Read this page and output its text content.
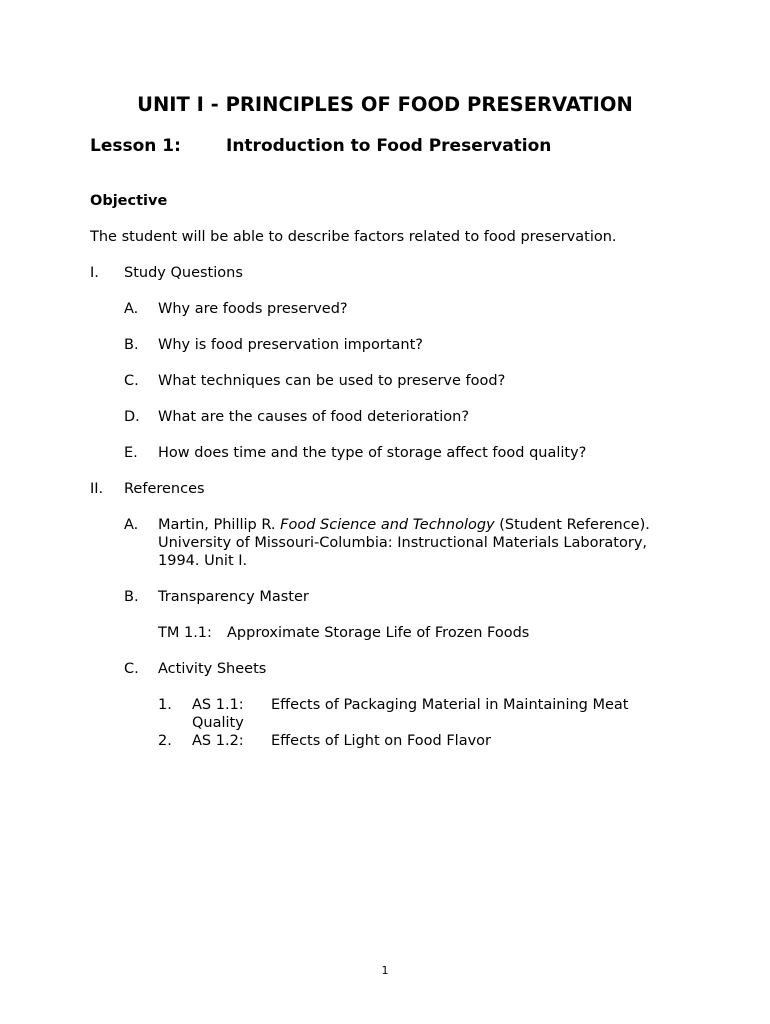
UNIT I - PRINCIPLES OF FOOD PRESERVATION
Lesson 1:	Introduction to Food Preservation
Objective
The student will be able to describe factors related to food preservation.
I. Study Questions
A. Why are foods preserved?
B. Why is food preservation important?
C. What techniques can be used to preserve food?
D. What are the causes of food deterioration?
E. How does time and the type of storage affect food quality?
II. References
A. Martin, Phillip R. Food Science and Technology (Student Reference).
University of Missouri-Columbia: Instructional Materials Laboratory,
1994. Unit I.
B. Transparency Master
TM 1.1: Approximate Storage Life of Frozen Foods
C. Activity Sheets
1. AS 1.1: Effects of Packaging Material in Maintaining Meat
Quality
2. AS 1.2: Effects of Light on Food Flavor
1
